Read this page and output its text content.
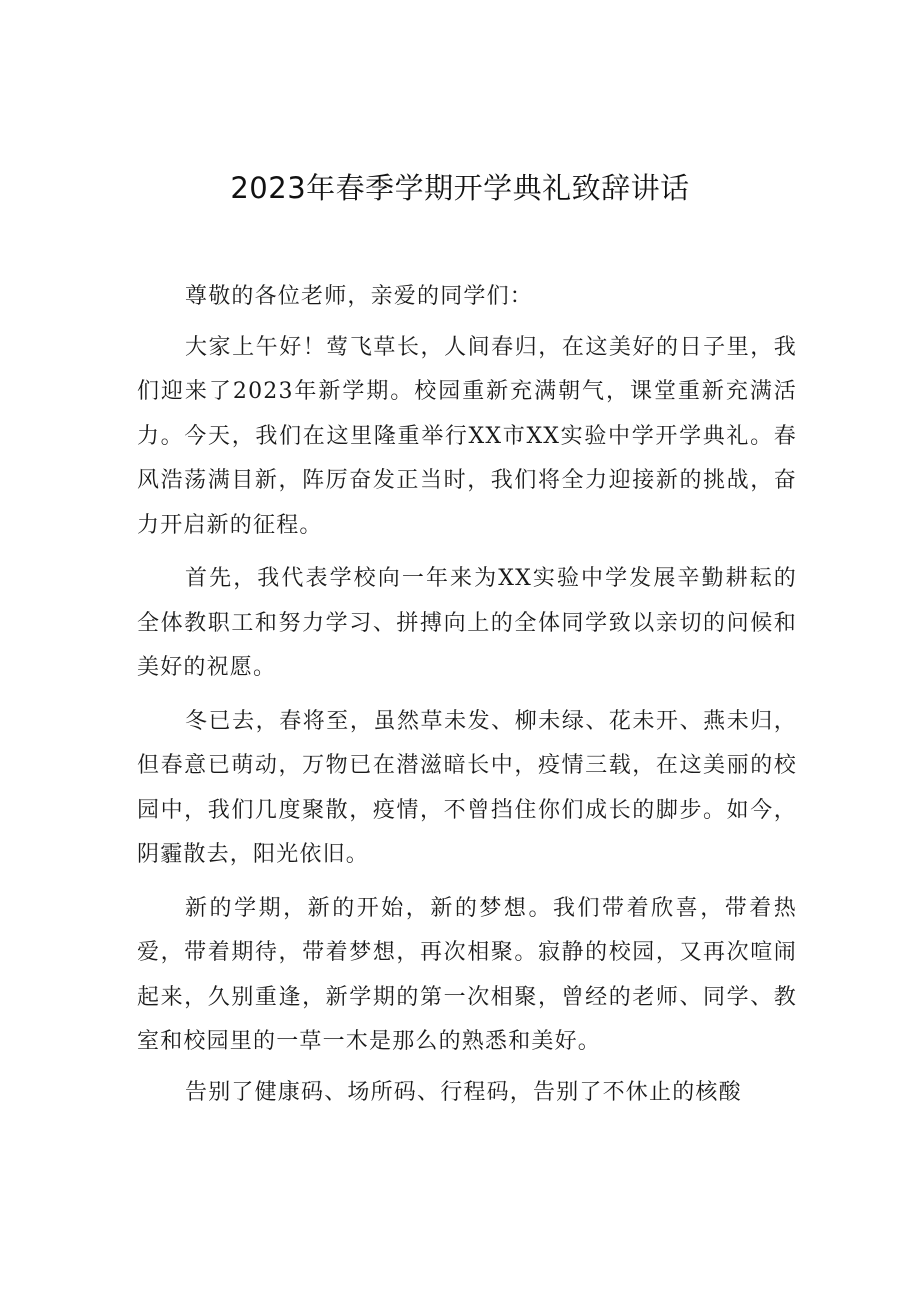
2023年春季学期开学典礼致辞讲话

尊敬的各位老师，亲爱的同学们：

大家上午好！莺飞草长，人间春归，在这美好的日子里，我们迎来了2023年新学期。校园重新充满朝气，课堂重新充满活力。今天，我们在这里隆重举行XX市XX实验中学开学典礼。春风浩荡满目新，阵厉奋发正当时，我们将全力迎接新的挑战，奋力开启新的征程。

首先，我代表学校向一年来为XX实验中学发展辛勤耕耘的全体教职工和努力学习、拼搏向上的全体同学致以亲切的问候和美好的祝愿。

冬已去，春将至，虽然草未发、柳未绿、花未开、燕未归，但春意已萌动，万物已在潜滋暗长中，疫情三载，在这美丽的校园中，我们几度聚散，疫情，不曾挡住你们成长的脚步。如今，阴霾散去，阳光依旧。

新的学期，新的开始，新的梦想。我们带着欣喜，带着热爱，带着期待，带着梦想，再次相聚。寂静的校园，又再次喧闹起来，久别重逢，新学期的第一次相聚，曾经的老师、同学、教室和校园里的一草一木是那么的熟悉和美好。

告别了健康码、场所码、行程码，告别了不休止的核酸
